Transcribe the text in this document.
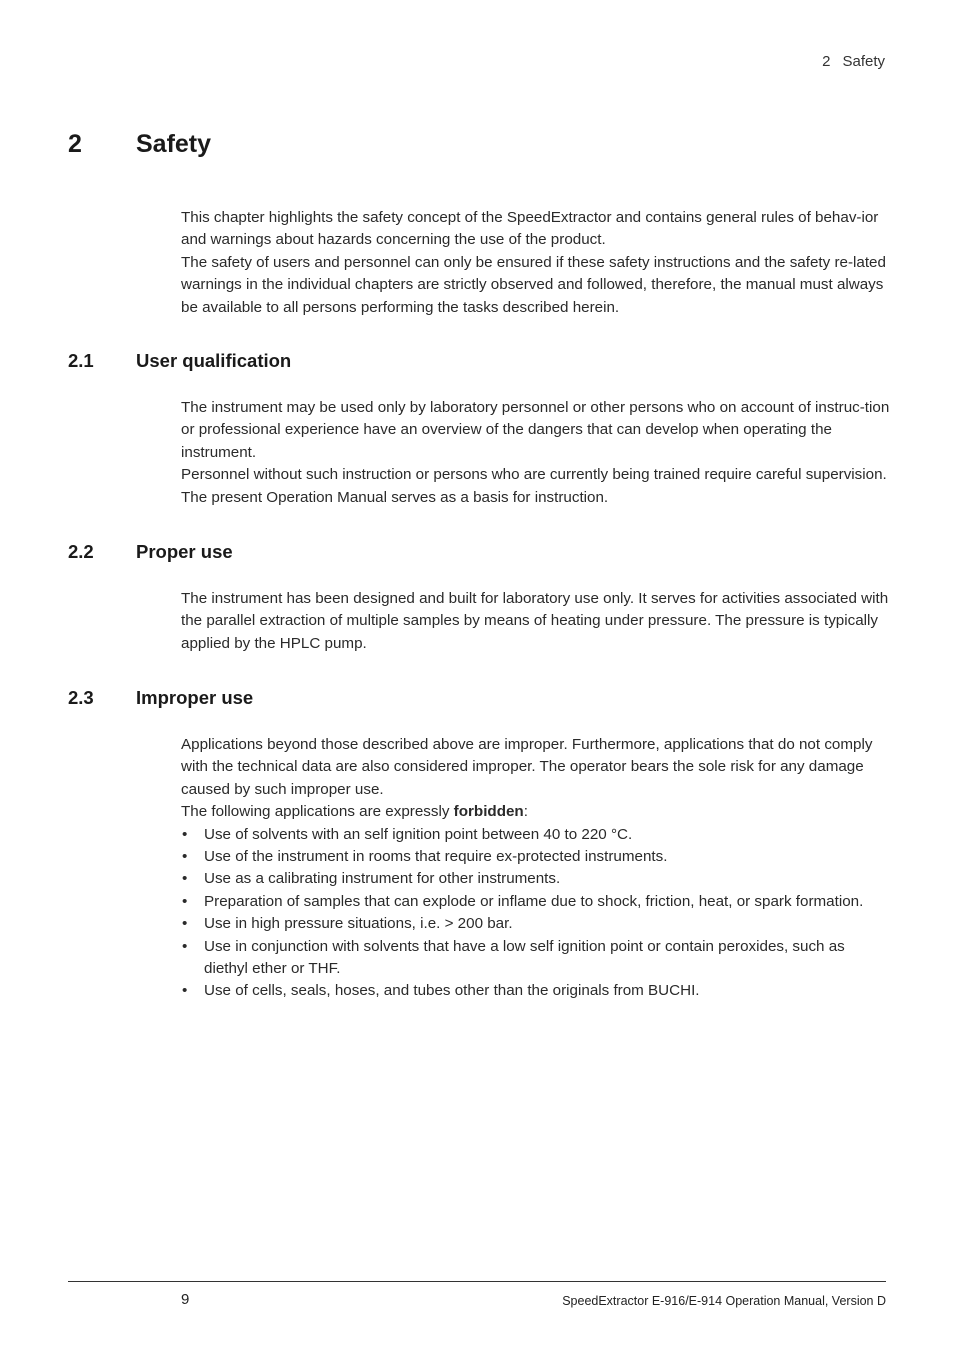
2 Safety
2 Safety

This chapter highlights the safety concept of the SpeedExtractor and contains general rules of behav-ior and warnings about hazards concerning the use of the product.

The safety of users and personnel can only be ensured if these safety instructions and the safety re-lated warnings in the individual chapters are strictly observed and followed, therefore, the manual must always be available to all persons performing the tasks described herein.

2.1 User qualification

The instrument may be used only by laboratory personnel or other persons who on account of instruc-tion or professional experience have an overview of the dangers that can develop when operating the instrument.

Personnel without such instruction or persons who are currently being trained require careful supervision. The present Operation Manual serves as a basis for instruction.

2.2 Proper use

The instrument has been designed and built for laboratory use only. It serves for activities associated with the parallel extraction of multiple samples by means of heating under pressure. The pressure is typically applied by the HPLC pump.

2.3 Improper use

Applications beyond those described above are improper. Furthermore, applications that do not comply with the technical data are also considered improper. The operator bears the sole risk for any damage caused by such improper use.

The following applications are expressly forbidden:

• Use of solvents with an self ignition point between 40 to 220 °C.
• Use of the instrument in rooms that require ex-protected instruments.
• Use as a calibrating instrument for other instruments.
• Preparation of samples that can explode or inflame due to shock, friction, heat, or spark formation.
• Use in high pressure situations, i.e. > 200 bar.
• Use in conjunction with solvents that have a low self ignition point or contain peroxides, such as diethyl ether or THF.
• Use of cells, seals, hoses, and tubes other than the originals from BUCHI.
9	SpeedExtractor E-916/E-914 Operation Manual, Version D
